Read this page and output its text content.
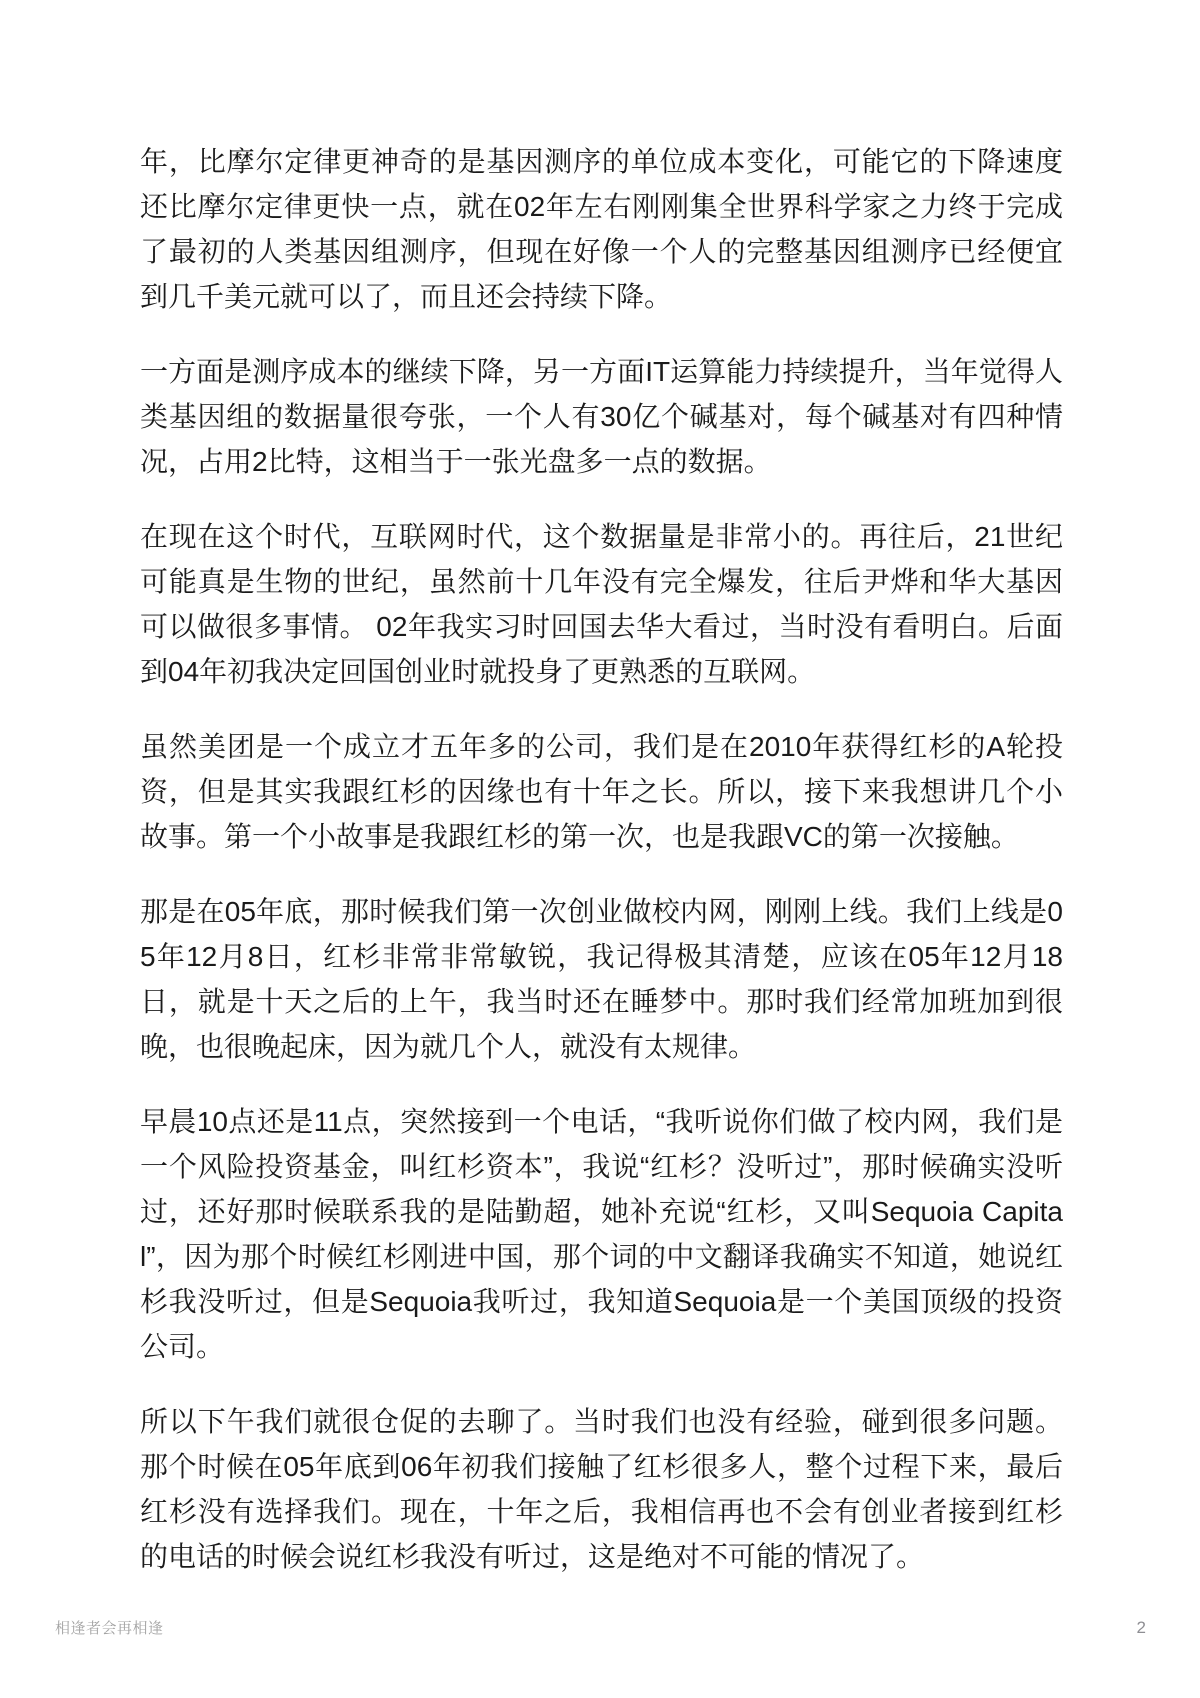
年，比摩尔定律更神奇的是基因测序的单位成本变化，可能它的下降速度还比摩尔定律更快一点，就在02年左右刚刚集全世界科学家之力终于完成了最初的人类基因组测序，但现在好像一个人的完整基因组测序已经便宜到几千美元就可以了，而且还会持续下降。

一方面是测序成本的继续下降，另一方面IT运算能力持续提升，当年觉得人类基因组的数据量很夸张，一个人有30亿个碱基对，每个碱基对有四种情况，占用2比特，这相当于一张光盘多一点的数据。

在现在这个时代，互联网时代，这个数据量是非常小的。再往后，21世纪可能真是生物的世纪，虽然前十几年没有完全爆发，往后尹烨和华大基因可以做很多事情。 02年我实习时回国去华大看过，当时没有看明白。后面到04年初我决定回国创业时就投身了更熟悉的互联网。

虽然美团是一个成立才五年多的公司，我们是在2010年获得红杉的A轮投资，但是其实我跟红杉的因缘也有十年之长。所以，接下来我想讲几个小故事。第一个小故事是我跟红杉的第一次，也是我跟VC的第一次接触。

那是在05年底，那时候我们第一次创业做校内网，刚刚上线。我们上线是05年12月8日，红杉非常非常敏锐，我记得极其清楚，应该在05年12月18日，就是十天之后的上午，我当时还在睡梦中。那时我们经常加班加到很晚，也很晚起床，因为就几个人，就没有太规律。

早晨10点还是11点，突然接到一个电话，“我听说你们做了校内网，我们是一个风险投资基金，叫红杉资本”，我说“红杉？没听过”，那时候确实没听过，还好那时候联系我的是陆勤超，她补充说“红杉，又叫Sequoia Capital”，因为那个时候红杉刚进中国，那个词的中文翻译我确实不知道，她说红杉我没听过，但是Sequoia我听过，我知道Sequoia是一个美国顶级的投资公司。

所以下午我们就很仓促的去聊了。当时我们也没有经验，碰到很多问题。那个时候在05年底到06年初我们接触了红杉很多人，整个过程下来，最后红杉没有选择我们。现在，十年之后，我相信再也不会有创业者接到红杉的电话的时候会说红杉我没有听过，这是绝对不可能的情况了。

相逢者会再相逢	2
